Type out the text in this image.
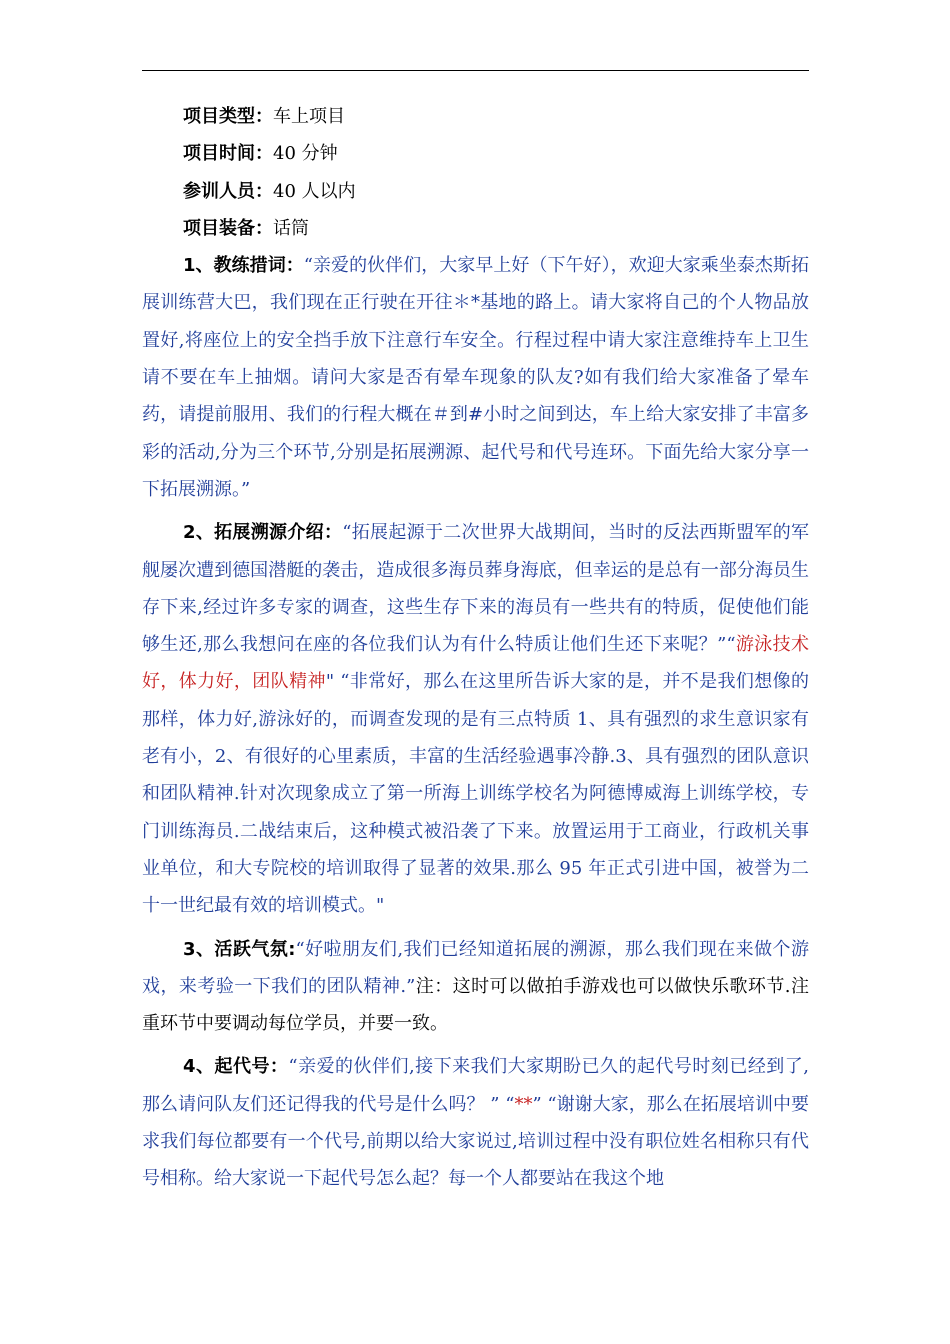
项目类型：车上项目

项目时间：40 分钟

参训人员：40 人以内

项目装备：话筒

1、教练措词：“亲爱的伙伴们，大家早上好（下午好），欢迎大家乘坐泰杰斯拓展训练营大巴，我们现在正行驶在开往＊*基地的路上。请大家将自己的个人物品放置好,将座位上的安全挡手放下注意行车安全。行程过程中请大家注意维持车上卫生请不要在车上抽烟。请问大家是否有晕车现象的队友?如有我们给大家准备了晕车药，请提前服用、我们的行程大概在＃到#小时之间到达，车上给大家安排了丰富多彩的活动,分为三个环节,分别是拓展溯源、起代号和代号连环。下面先给大家分享一下拓展溯源。”

2、拓展溯源介绍：“拓展起源于二次世界大战期间，当时的反法西斯盟军的军舰屡次遭到德国潜艇的袭击，造成很多海员葬身海底，但幸运的是总有一部分海员生存下来,经过许多专家的调查，这些生存下来的海员有一些共有的特质，促使他们能够生还,那么我想问在座的各位我们认为有什么特质让他们生还下来呢？”“游泳技术好，体力好，团队精神" “非常好，那么在这里所告诉大家的是，并不是我们想像的那样，体力好,游泳好的，而调查发现的是有三点特质 1、具有强烈的求生意识家有老有小，2、有很好的心里素质，丰富的生活经验遇事冷静.3、具有强烈的团队意识和团队精神.针对次现象成立了第一所海上训练学校名为阿德博威海上训练学校，专门训练海员.二战结束后，这种模式被沿袭了下来。放置运用于工商业，行政机关事业单位，和大专院校的培训取得了显著的效果.那么 95 年正式引进中国，被誉为二十一世纪最有效的培训模式。"

3、活跃气氛:“好啦朋友们,我们已经知道拓展的溯源，那么我们现在来做个游戏，来考验一下我们的团队精神.”注：这时可以做拍手游戏也可以做快乐歌环节.注重环节中要调动每位学员，并要一致。

4、起代号：“亲爱的伙伴们,接下来我们大家期盼已久的起代号时刻已经到了,那么请问队友们还记得我的代号是什么吗？ ” “**” “谢谢大家，那么在拓展培训中要求我们每位都要有一个代号,前期以给大家说过,培训过程中没有职位姓名相称只有代号相称。给大家说一下起代号怎么起？每一个人都要站在我这个地
